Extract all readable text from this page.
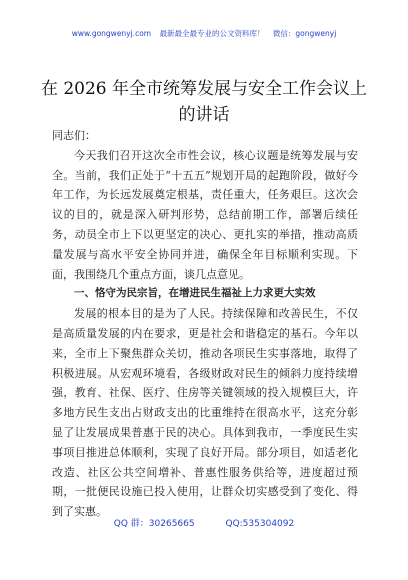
www.gongwenyj.com 最新最全最专业的公文资料库！ 微信：gongwenyj
在 2026 年全市统筹发展与安全工作会议上的讲话

同志们：

今天我们召开这次全市性会议，核心议题是统筹发展与安全。当前，我们正处于“十五五”规划开局的起跑阶段，做好今年工作，为长远发展奠定根基，责任重大，任务艰巨。这次会议的目的，就是深入研判形势，总结前期工作，部署后续任务，动员全市上下以更坚定的决心、更扎实的举措，推动高质量发展与高水平安全协同并进，确保全年目标顺利实现。下面，我围绕几个重点方面，谈几点意见。

一、恪守为民宗旨，在增进民生福祉上力求更大实效

发展的根本目的是为了人民。持续保障和改善民生，不仅是高质量发展的内在要求，更是社会和谐稳定的基石。今年以来，全市上下聚焦群众关切，推动各项民生实事落地，取得了积极进展。从宏观环境看，各级财政对民生的倾斜力度持续增强，教育、社保、医疗、住房等关键领域的投入规模巨大，许多地方民生支出占财政支出的比重维持在很高水平，这充分彰显了让发展成果普惠于民的决心。具体到我市，一季度民生实事项目推进总体顺利，实现了良好开局。部分项目，如适老化改造、社区公共空间增补、普惠性服务供给等，进度超过预期，一批便民设施已投入使用，让群众切实感受到了变化、得到了实惠。

QQ 群：30265665	QQ:535304092
